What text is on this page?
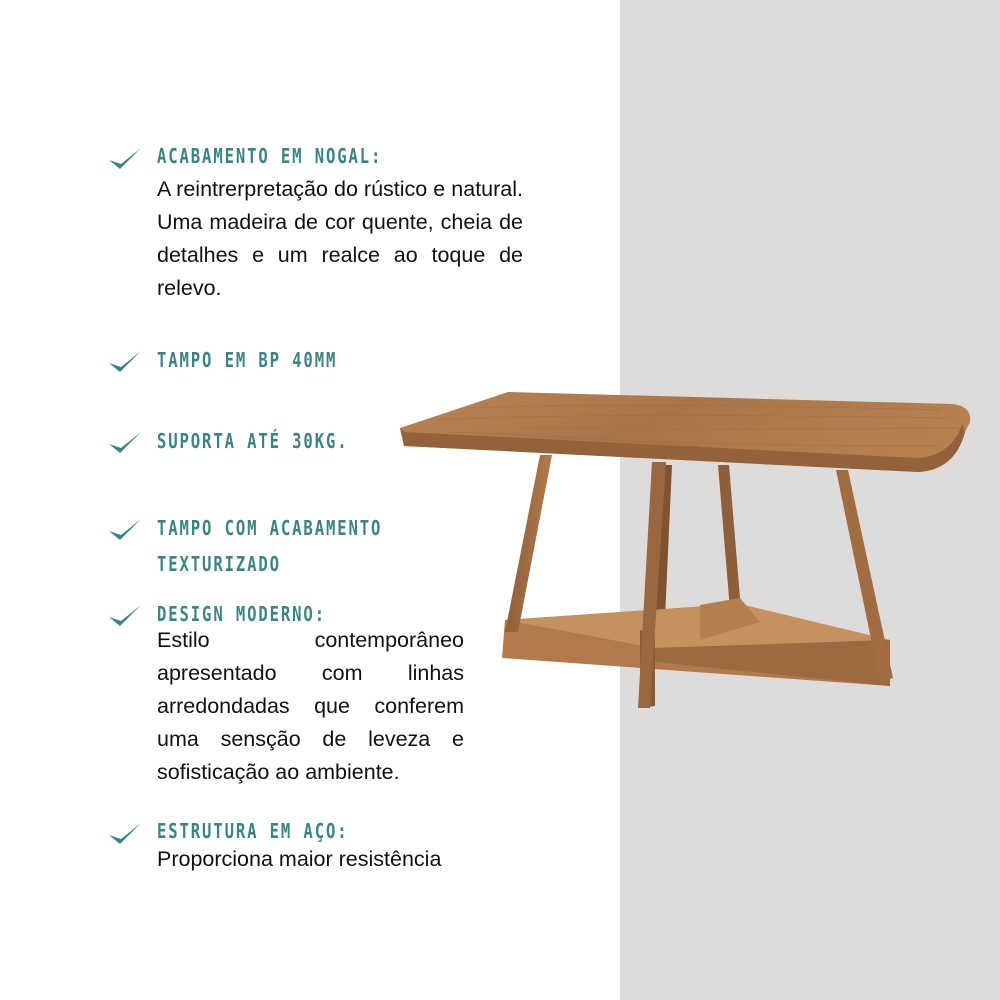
ACABAMENTO EM NOGAL:

A reintrerpretação do rústico e natural. Uma madeira de cor quente, cheia de detalhes e um realce ao toque de relevo.

TAMPO EM BP 40MM
SUPORTA ATÉ 30KG.
TAMPO COM ACABAMENTO
TEXTURIZADO
DESIGN MODERNO:

Estilo contemporâneo apresentado com linhas arredondadas que conferem uma sensção de leveza e sofisticação ao ambiente.

ESTRUTURA EM AÇO:

Proporciona maior resistência
